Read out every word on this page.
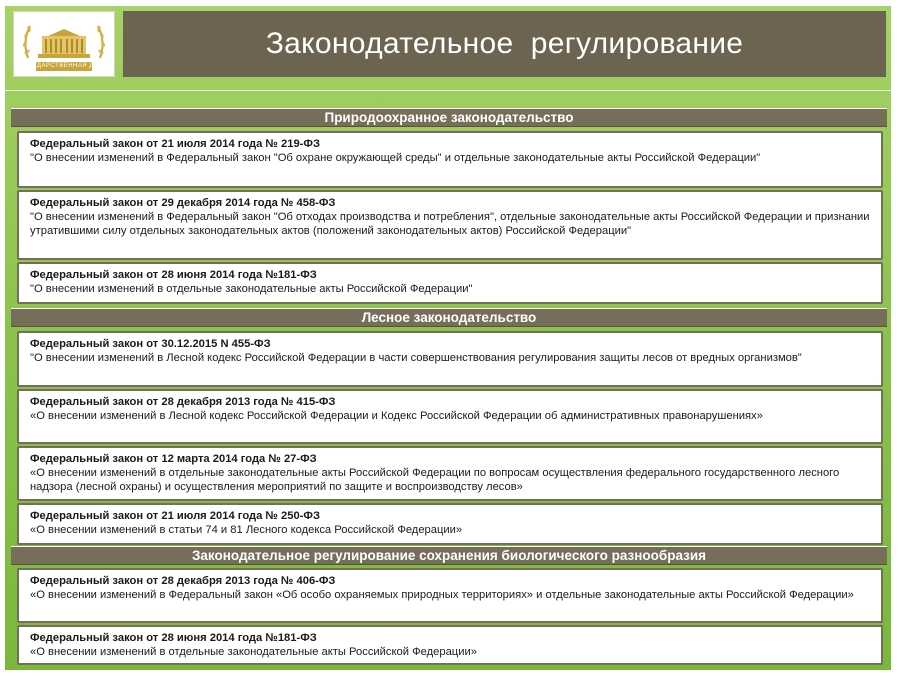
ГОСУДАРСТВЕННАЯ ДУМА
Законодательное  регулирование
Природоохранное законодательство
Федеральный закон от 21 июля 2014 года № 219-ФЗ
"О внесении изменений в Федеральный закон "Об охране окружающей среды" и отдельные законодательные акты Российской Федерации"
Федеральный закон от 29 декабря 2014 года № 458-ФЗ
"О внесении изменений в Федеральный закон "Об отходах производства и потребления", отдельные законодательные акты Российской Федерации и признании утратившими силу отдельных законодательных актов (положений законодательных актов) Российской Федерации"
Федеральный закон от 28 июня 2014 года №181-ФЗ
"О внесении изменений в отдельные законодательные акты Российской Федерации"
Лесное законодательство
Федеральный закон от 30.12.2015 N 455-ФЗ
"О внесении изменений в Лесной кодекс Российской Федерации в части совершенствования регулирования защиты лесов от вредных организмов"
Федеральный закон от 28 декабря 2013 года № 415-ФЗ
«О внесении изменений в Лесной кодекс Российской Федерации и Кодекс Российской Федерации об административных правонарушениях»
Федеральный закон от 12 марта 2014 года № 27-ФЗ
«О внесении изменений в отдельные законодательные акты Российской Федерации по вопросам осуществления федерального государственного лесного надзора (лесной охраны) и осуществления мероприятий по защите и воспроизводству лесов»
Федеральный закон от 21 июля 2014 года № 250-ФЗ
«О внесении изменений в статьи 74 и 81 Лесного кодекса Российской Федерации»
Законодательное регулирование сохранения биологического разнообразия
Федеральный закон от 28 декабря 2013 года № 406-ФЗ
«О внесении изменений в Федеральный закон «Об особо охраняемых природных территориях» и отдельные законодательные акты Российской Федерации»
Федеральный закон от 28 июня 2014 года №181-ФЗ
«О внесении изменений в отдельные законодательные акты Российской Федерации»
